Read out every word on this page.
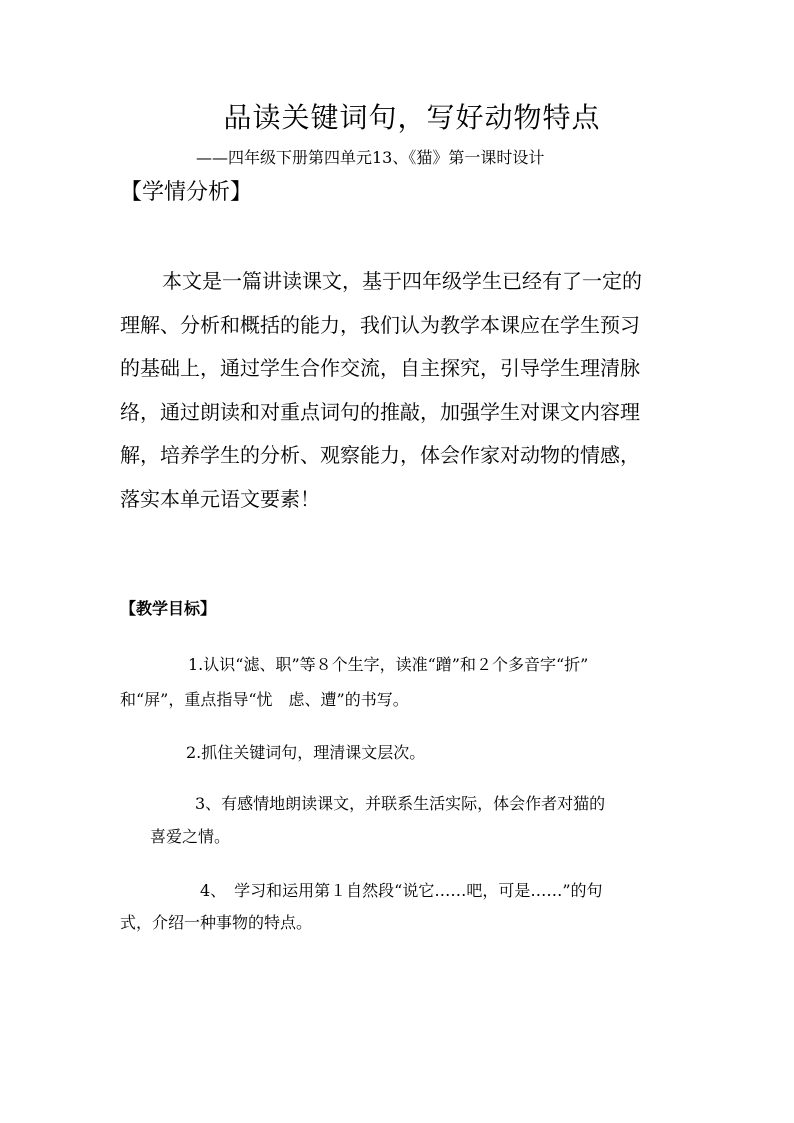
品读关键词句，写好动物特点
——四年级下册第四单元13、《猫》第一课时设计
【学情分析】
本文是一篇讲读课文，基于四年级学生已经有了一定的
理解、分析和概括的能力，我们认为教学本课应在学生预习
的基础上，通过学生合作交流，自主探究，引导学生理清脉
络，通过朗读和对重点词句的推敲，加强学生对课文内容理
解，培养学生的分析、观察能力，体会作家对动物的情感，
落实本单元语文要素！
【教学目标】
1.认识“滤、职”等８个生字，读准“蹭”和２个多音字“折”
和“屏”，重点指导“忧　虑、遭”的书写。
2.抓住关键词句，理清课文层次。
3、有感情地朗读课文，并联系生活实际，体会作者对猫的
喜爱之情。
4、　学习和运用第１自然段“说它……吧，可是……”的句
式，介绍一种事物的特点。
